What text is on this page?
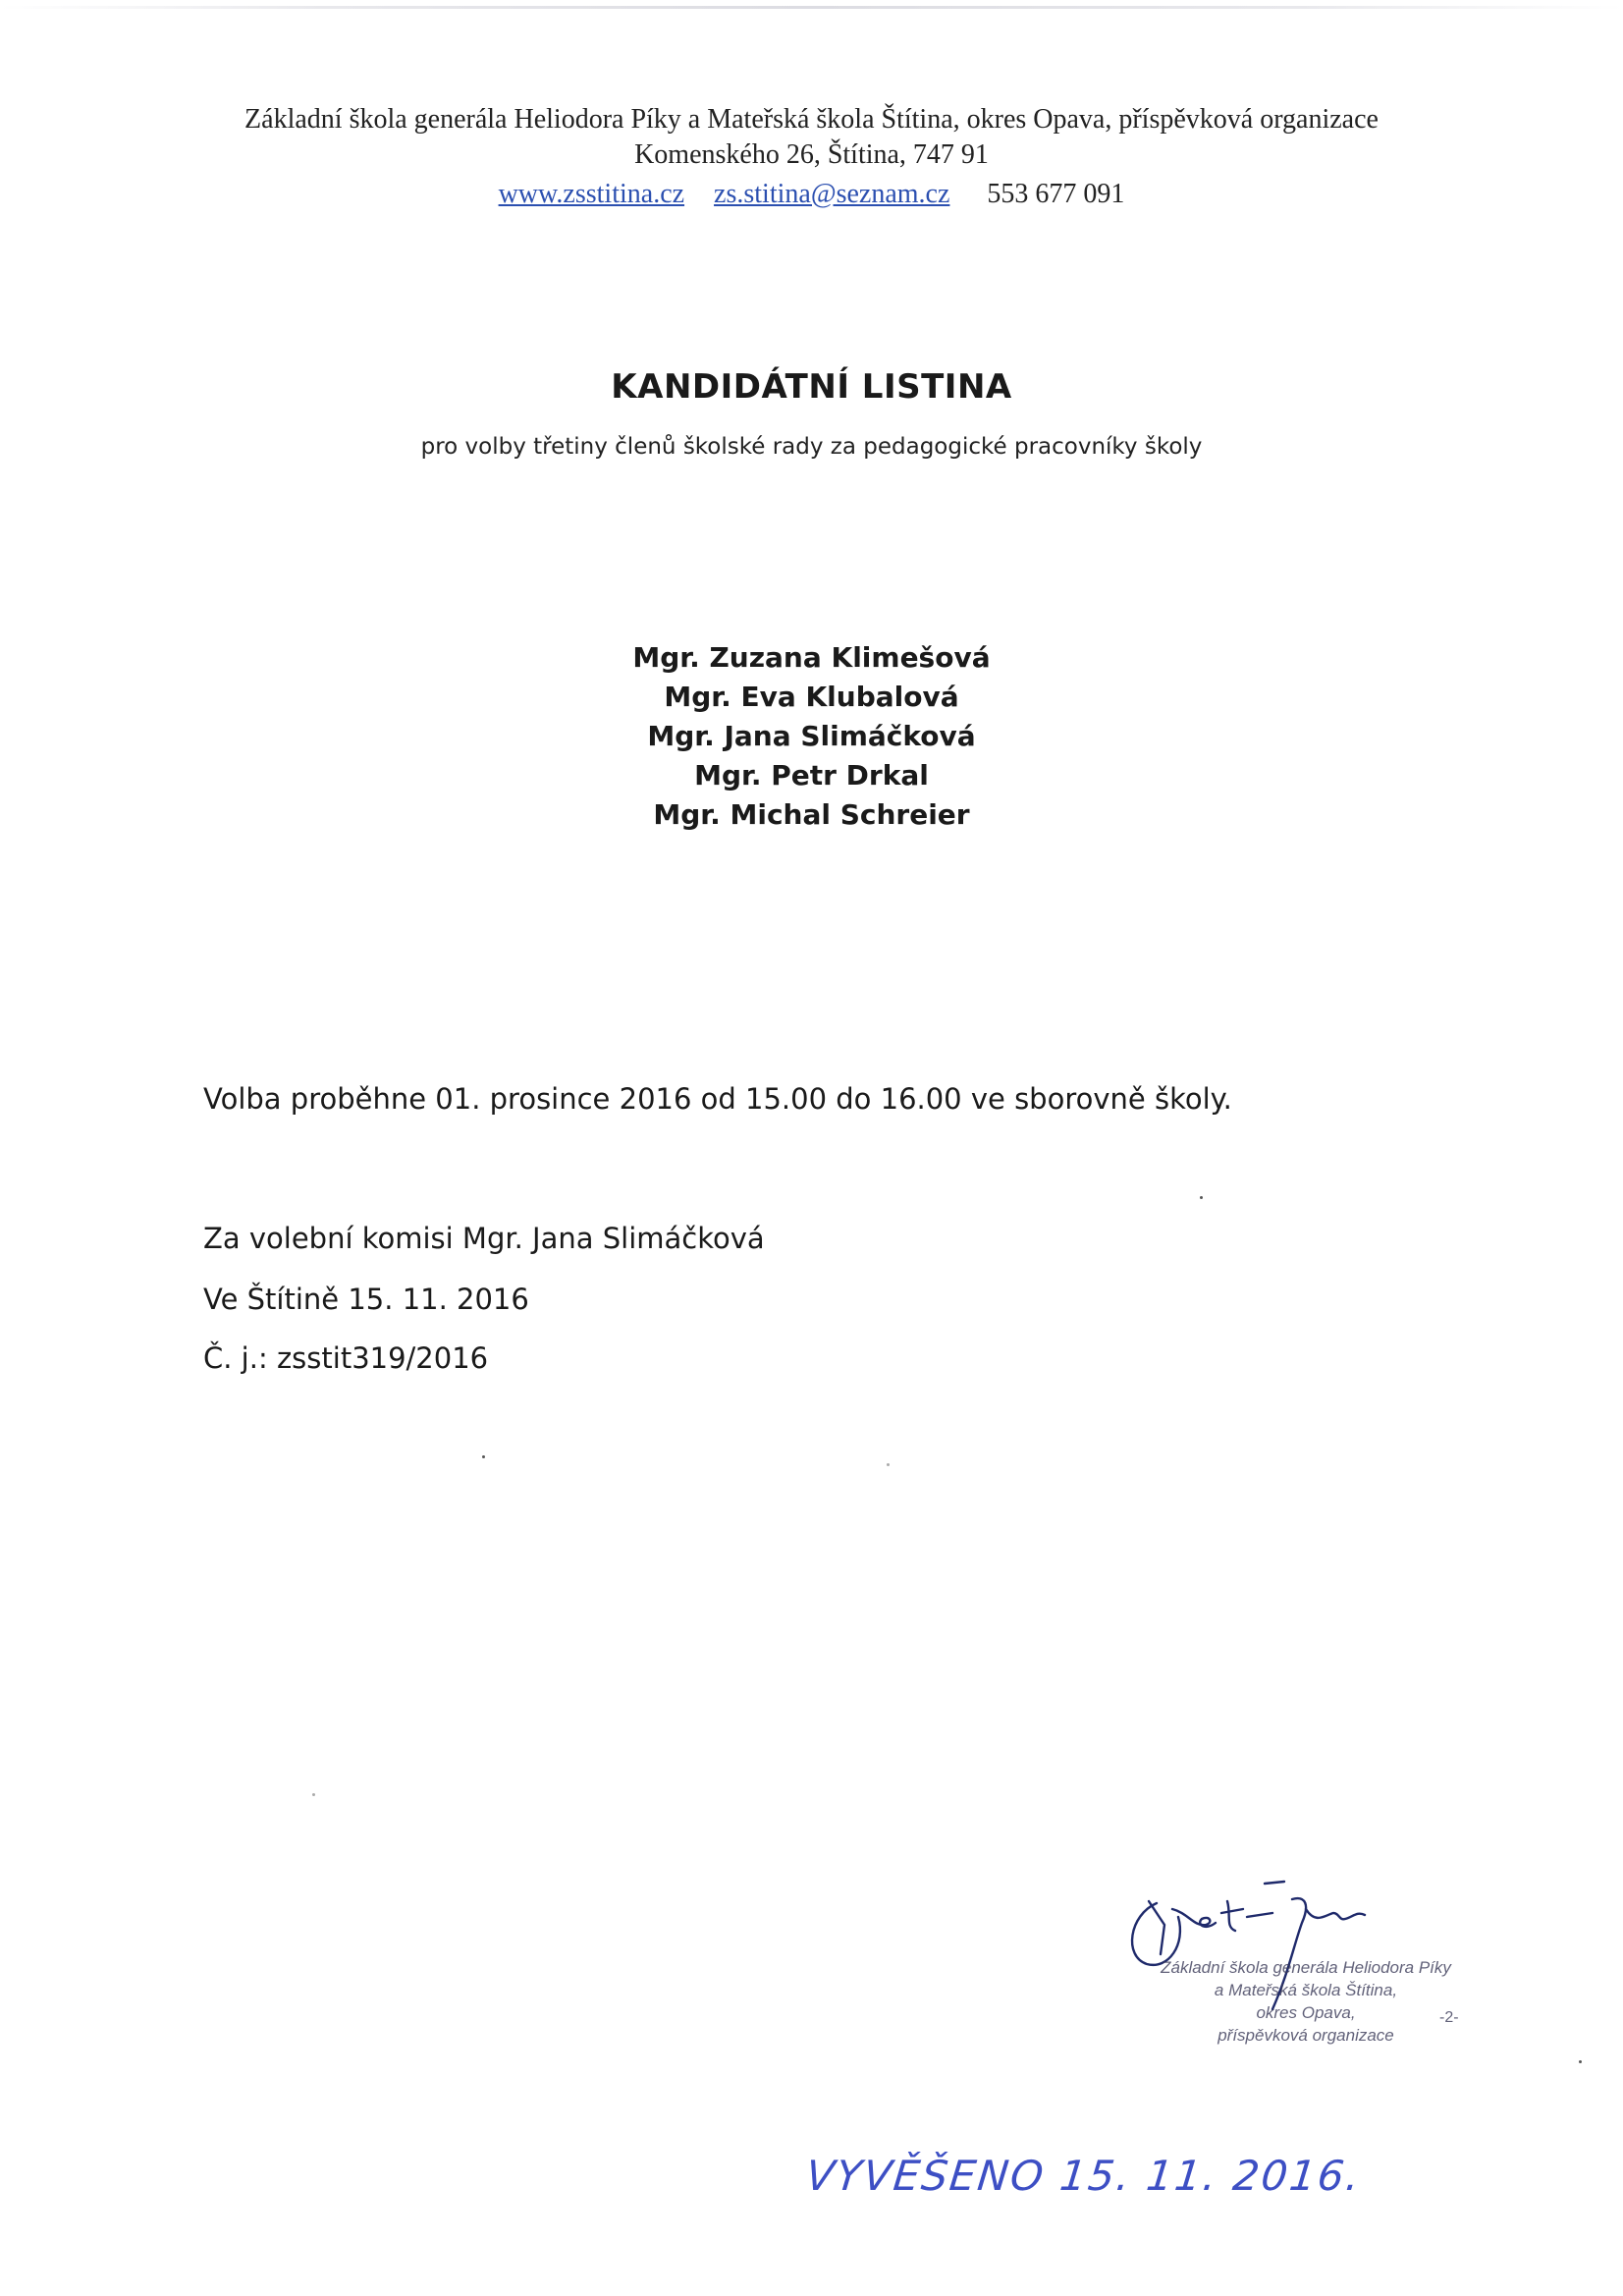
Základní škola generála Heliodora Píky a Mateřská škola Štítina, okres Opava, příspěvková organizace
Komenského 26, Štítina, 747 91
www.zsstitina.cz zs.stitina@seznam.cz 553 677 091
KANDIDÁTNÍ LISTINA
pro volby třetiny členů školské rady za pedagogické pracovníky školy
Mgr. Zuzana Klimešová
Mgr. Eva Klubalová
Mgr. Jana Slimáčková
Mgr. Petr Drkal
Mgr. Michal Schreier
Volba proběhne 01. prosince 2016 od 15.00 do 16.00 ve sborovně školy.
Za volební komisi Mgr. Jana Slimáčková
Ve Štítině 15. 11. 2016
Č. j.: zsstit319/2016
Základní škola generála Heliodora Píky
a Mateřská škola Štítina,
okres Opava,
příspěvková organizace
-2-
VYVĚŠENO 15. 11. 2016.
